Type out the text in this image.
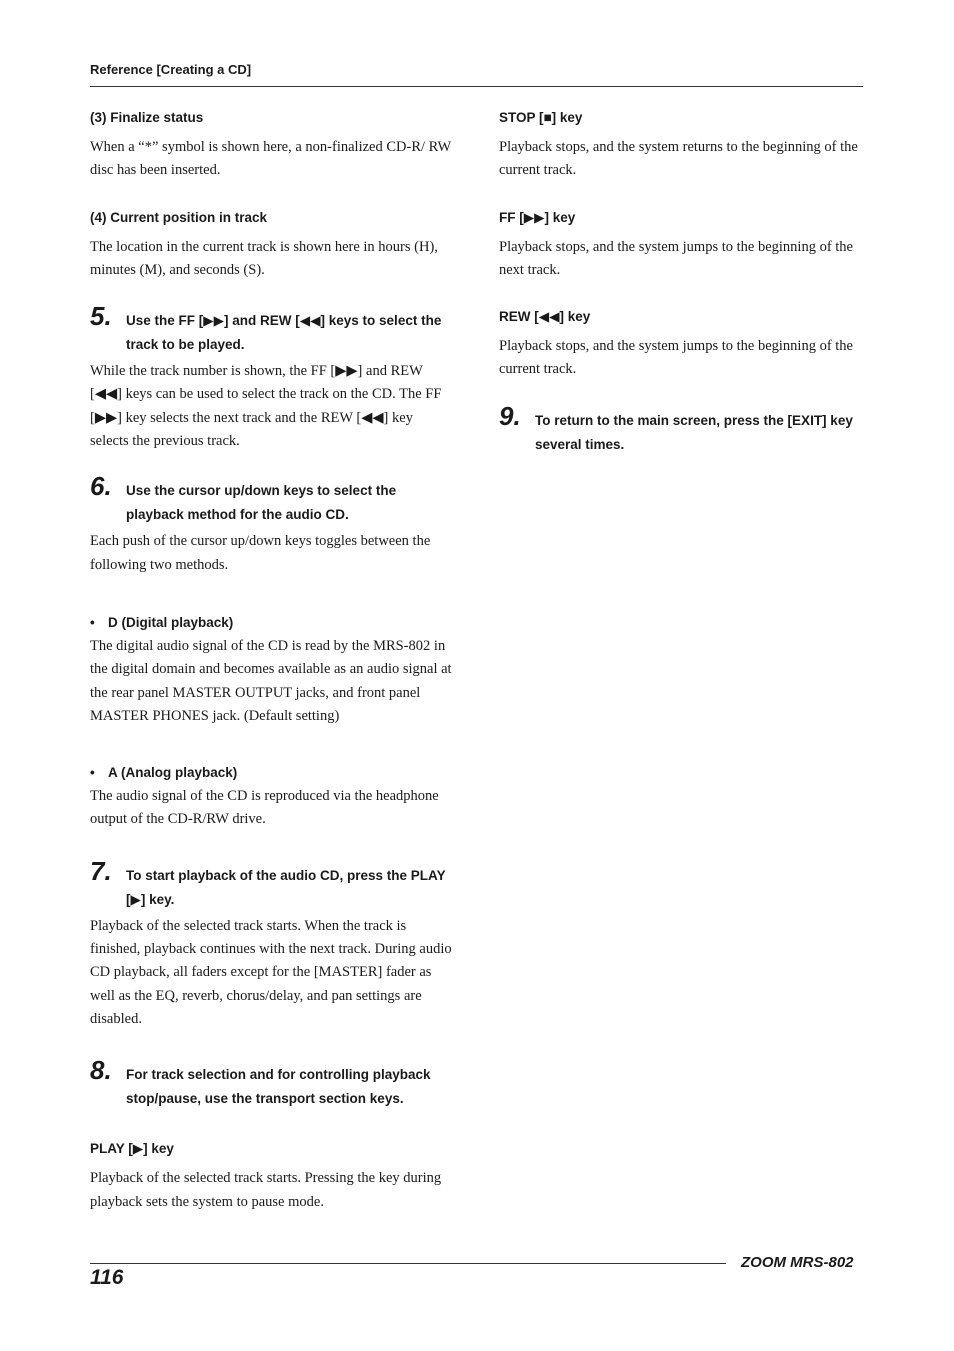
Reference [Creating a CD]

(3) Finalize status

When a “*” symbol is shown here, a non-finalized CD-R/ RW disc has been inserted.

(4) Current position in track

The location in the current track is shown here in hours (H), minutes (M), and seconds (S).

5. Use the FF [▶▶] and REW [◀◀] keys to select the track to be played.

While the track number is shown, the FF [▶▶] and REW [◀◀] keys can be used to select the track on the CD. The FF [▶▶] key selects the next track and the REW [◀◀] key selects the previous track.

6. Use the cursor up/down keys to select the playback method for the audio CD.

Each push of the cursor up/down keys toggles between the following two methods.

• D (Digital playback)

The digital audio signal of the CD is read by the MRS-802 in the digital domain and becomes available as an audio signal at the rear panel MASTER OUTPUT jacks, and front panel MASTER PHONES jack. (Default setting)

• A (Analog playback)

The audio signal of the CD is reproduced via the headphone output of the CD-R/RW drive.

7. To start playback of the audio CD, press the PLAY [▶] key.

Playback of the selected track starts. When the track is finished, playback continues with the next track. During audio CD playback, all faders except for the [MASTER] fader as well as the EQ, reverb, chorus/delay, and pan settings are disabled.

8. For track selection and for controlling playback stop/pause, use the transport section keys.

PLAY [▶] key

Playback of the selected track starts. Pressing the key during playback sets the system to pause mode.

STOP [■] key

Playback stops, and the system returns to the beginning of the current track.

FF [▶▶] key

Playback stops, and the system jumps to the beginning of the next track.

REW [◀◀] key

Playback stops, and the system jumps to the beginning of the current track.

9. To return to the main screen, press the [EXIT] key several times.
ZOOM MRS-802
116
